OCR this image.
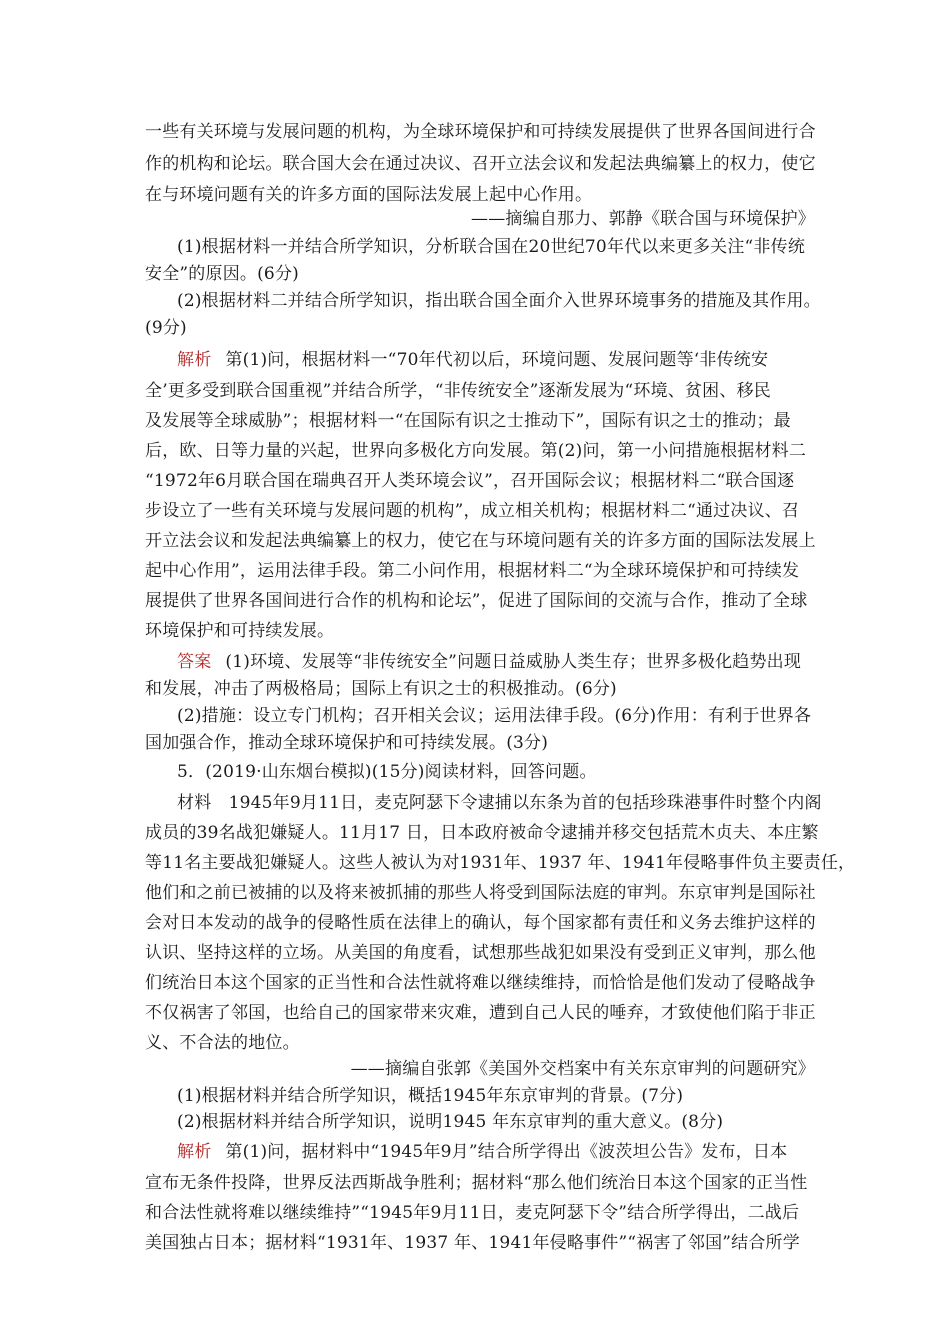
一些有关环境与发展问题的机构，为全球环境保护和可持续发展提供了世界各国间进行合
作的机构和论坛。联合国大会在通过决议、召开立法会议和发起法典编纂上的权力，使它
在与环境问题有关的许多方面的国际法发展上起中心作用。
——摘编自那力、郭静《联合国与环境保护》
(1)根据材料一并结合所学知识，分析联合国在20世纪70年代以来更多关注“非传统
安全”的原因。(6分)
(2)根据材料二并结合所学知识，指出联合国全面介入世界环境事务的措施及其作用。
(9分)
解析 第(1)问，根据材料一“70年代初以后，环境问题、发展问题等‘非传统安
全’更多受到联合国重视”并结合所学，“非传统安全”逐渐发展为“环境、贫困、移民
及发展等全球威胁”；根据材料一“在国际有识之士推动下”，国际有识之士的推动；最
后，欧、日等力量的兴起，世界向多极化方向发展。第(2)问，第一小问措施根据材料二
“1972年6月联合国在瑞典召开人类环境会议”，召开国际会议；根据材料二“联合国逐
步设立了一些有关环境与发展问题的机构”，成立相关机构；根据材料二“通过决议、召
开立法会议和发起法典编纂上的权力，使它在与环境问题有关的许多方面的国际法发展上
起中心作用”，运用法律手段。第二小问作用，根据材料二“为全球环境保护和可持续发
展提供了世界各国间进行合作的机构和论坛”，促进了国际间的交流与合作，推动了全球
环境保护和可持续发展。
答案 (1)环境、发展等“非传统安全”问题日益威胁人类生存；世界多极化趋势出现
和发展，冲击了两极格局；国际上有识之士的积极推动。(6分)
(2)措施：设立专门机构；召开相关会议；运用法律手段。(6分)作用：有利于世界各
国加强合作，推动全球环境保护和可持续发展。(3分)
5．(2019·山东烟台模拟)(15分)阅读材料，回答问题。
材料　1945年9月11日，麦克阿瑟下令逮捕以东条为首的包括珍珠港事件时整个内阁
成员的39名战犯嫌疑人。11月17 日，日本政府被命令逮捕并移交包括荒木贞夫、本庄繁
等11名主要战犯嫌疑人。这些人被认为对1931年、1937 年、1941年侵略事件负主要责任，
他们和之前已被捕的以及将来被抓捕的那些人将受到国际法庭的审判。东京审判是国际社
会对日本发动的战争的侵略性质在法律上的确认，每个国家都有责任和义务去维护这样的
认识、坚持这样的立场。从美国的角度看，试想那些战犯如果没有受到正义审判，那么他
们统治日本这个国家的正当性和合法性就将难以继续维持，而恰恰是他们发动了侵略战争
不仅祸害了邻国，也给自己的国家带来灾难，遭到自己人民的唾弃，才致使他们陷于非正
义、不合法的地位。
——摘编自张郭《美国外交档案中有关东京审判的问题研究》
(1)根据材料并结合所学知识，概括1945年东京审判的背景。(7分)
(2)根据材料并结合所学知识，说明1945 年东京审判的重大意义。(8分)
解析 第(1)问，据材料中“1945年9月”结合所学得出《波茨坦公告》发布，日本
宣布无条件投降，世界反法西斯战争胜利；据材料“那么他们统治日本这个国家的正当性
和合法性就将难以继续维持”“1945年9月11日，麦克阿瑟下令”结合所学得出，二战后
美国独占日本；据材料“1931年、1937 年、1941年侵略事件”“祸害了邻国”结合所学
